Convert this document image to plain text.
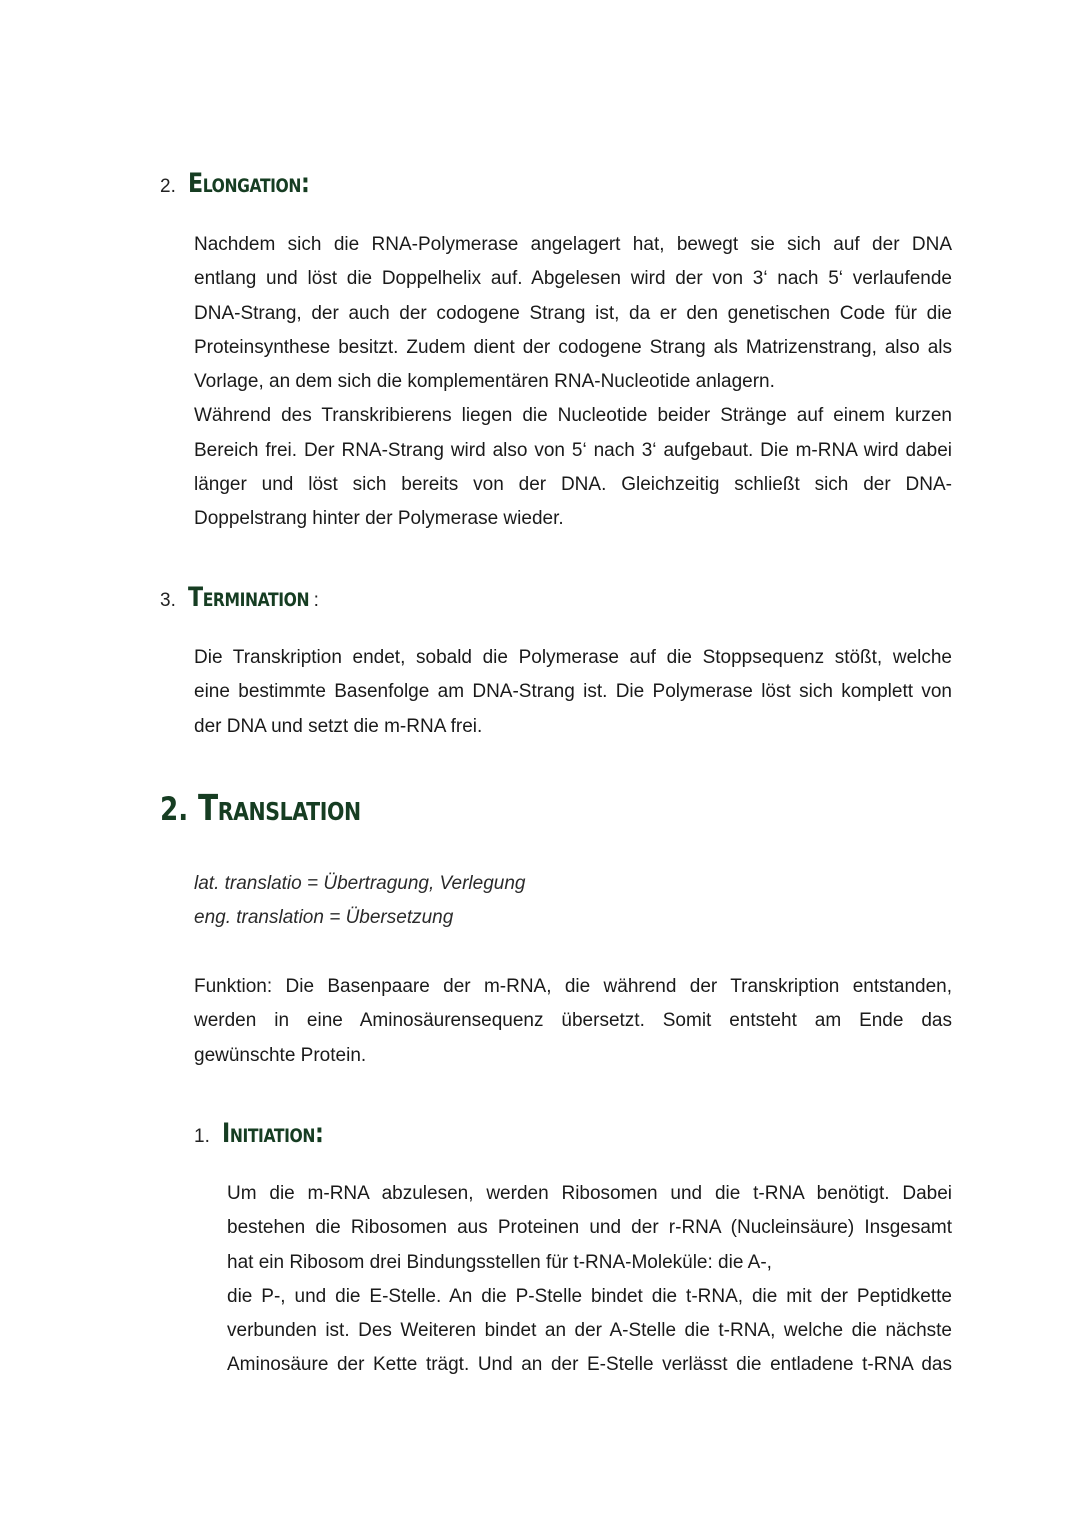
2. Elongation:
Nachdem sich die RNA-Polymerase angelagert hat, bewegt sie sich auf der DNA
entlang und löst die Doppelhelix auf. Abgelesen wird der von 3‘ nach 5‘ verlaufende
DNA-Strang, der auch der codogene Strang ist, da er den genetischen Code für die
Proteinsynthese besitzt. Zudem dient der codogene Strang als Matrizenstrang, also als
Vorlage, an dem sich die komplementären RNA-Nucleotide anlagern.
Während des Transkribierens liegen die Nucleotide beider Stränge auf einem kurzen
Bereich frei. Der RNA-Strang wird also von 5‘ nach 3‘ aufgebaut. Die m-RNA wird dabei
länger und löst sich bereits von der DNA. Gleichzeitig schließt sich der DNA-
Doppelstrang hinter der Polymerase wieder.
3. Termination :
Die Transkription endet, sobald die Polymerase auf die Stoppsequenz stößt, welche
eine bestimmte Basenfolge am DNA-Strang ist. Die Polymerase löst sich komplett von
der DNA und setzt die m-RNA frei.
2. Translation
lat. translatio = Übertragung, Verlegung
eng. translation = Übersetzung
Funktion: Die Basenpaare der m-RNA, die während der Transkription entstanden,
werden in eine Aminosäurensequenz übersetzt. Somit entsteht am Ende das
gewünschte Protein.
1. Initiation:
Um die m-RNA abzulesen, werden Ribosomen und die t-RNA benötigt. Dabei
bestehen die Ribosomen aus Proteinen und der r-RNA (Nucleinsäure) Insgesamt
hat ein Ribosom drei Bindungsstellen für t-RNA-Moleküle: die A-,
die P-, und die E-Stelle. An die P-Stelle bindet die t-RNA, die mit der Peptidkette
verbunden ist. Des Weiteren bindet an der A-Stelle die t-RNA, welche die nächste
Aminosäure der Kette trägt. Und an der E-Stelle verlässt die entladene t-RNA das
